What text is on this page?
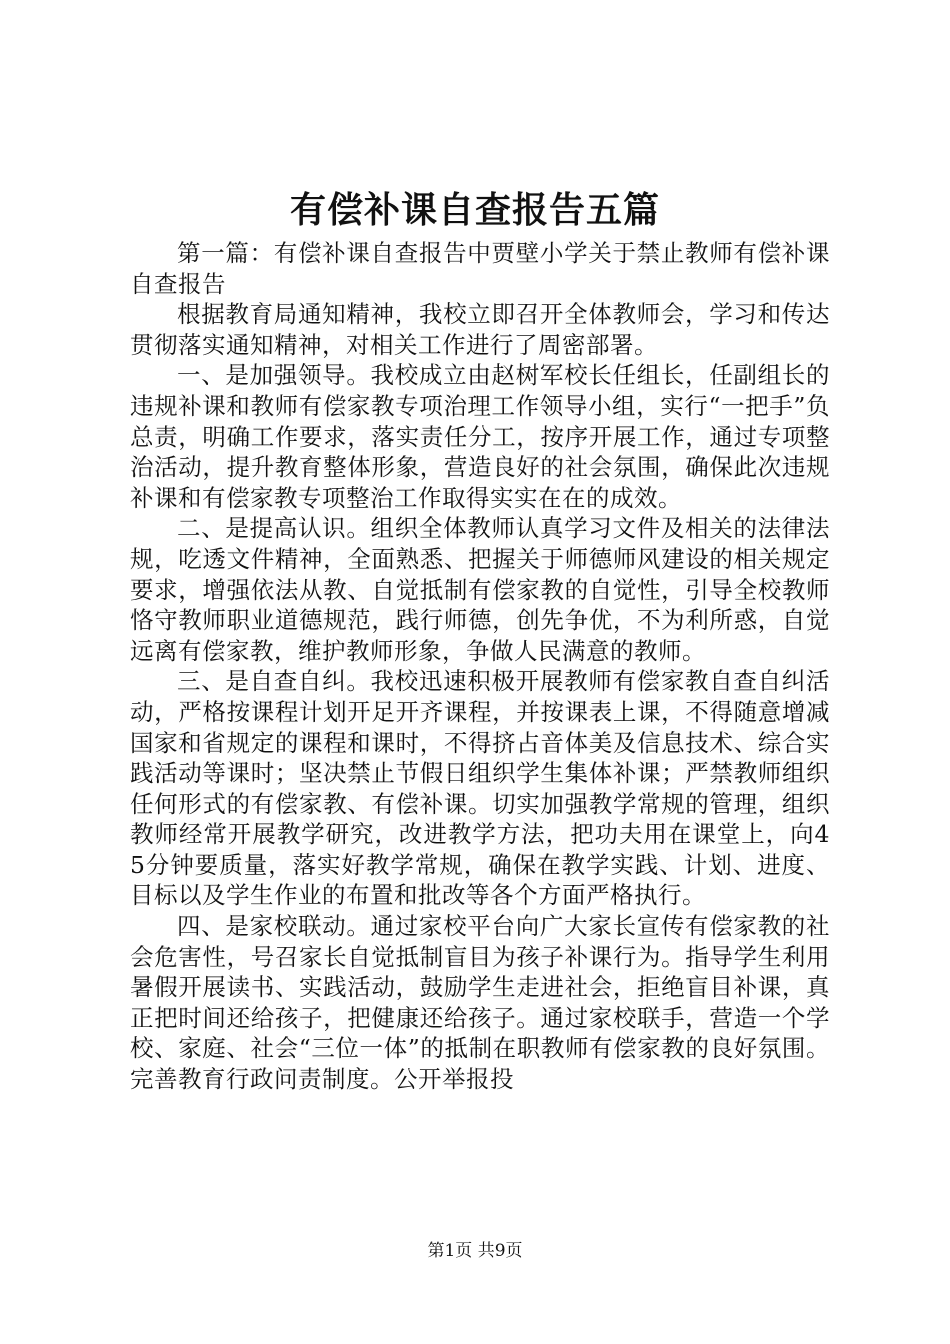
有偿补课自查报告五篇

第一篇：有偿补课自查报告中贾壁小学关于禁止教师有偿补课自查报告

根据教育局通知精神，我校立即召开全体教师会，学习和传达贯彻落实通知精神，对相关工作进行了周密部署。

一、是加强领导。我校成立由赵树军校长任组长，任副组长的违规补课和教师有偿家教专项治理工作领导小组，实行“一把手”负总责，明确工作要求，落实责任分工，按序开展工作，通过专项整治活动，提升教育整体形象，营造良好的社会氛围，确保此次违规补课和有偿家教专项整治工作取得实实在在的成效。

二、是提高认识。组织全体教师认真学习文件及相关的法律法规，吃透文件精神，全面熟悉、把握关于师德师风建设的相关规定要求，增强依法从教、自觉抵制有偿家教的自觉性，引导全校教师恪守教师职业道德规范，践行师德，创先争优，不为利所惑，自觉远离有偿家教，维护教师形象，争做人民满意的教师。

三、是自查自纠。我校迅速积极开展教师有偿家教自查自纠活动，严格按课程计划开足开齐课程，并按课表上课，不得随意增减国家和省规定的课程和课时，不得挤占音体美及信息技术、综合实践活动等课时；坚决禁止节假日组织学生集体补课；严禁教师组织任何形式的有偿家教、有偿补课。切实加强教学常规的管理，组织教师经常开展教学研究，改进教学方法，把功夫用在课堂上，向45分钟要质量，落实好教学常规，确保在教学实践、计划、进度、目标以及学生作业的布置和批改等各个方面严格执行。

四、是家校联动。通过家校平台向广大家长宣传有偿家教的社会危害性，号召家长自觉抵制盲目为孩子补课行为。指导学生利用暑假开展读书、实践活动，鼓励学生走进社会，拒绝盲目补课，真正把时间还给孩子，把健康还给孩子。通过家校联手，营造一个学校、家庭、社会“三位一体”的抵制在职教师有偿家教的良好氛围。完善教育行政问责制度。公开举报投

第1页 共9页
